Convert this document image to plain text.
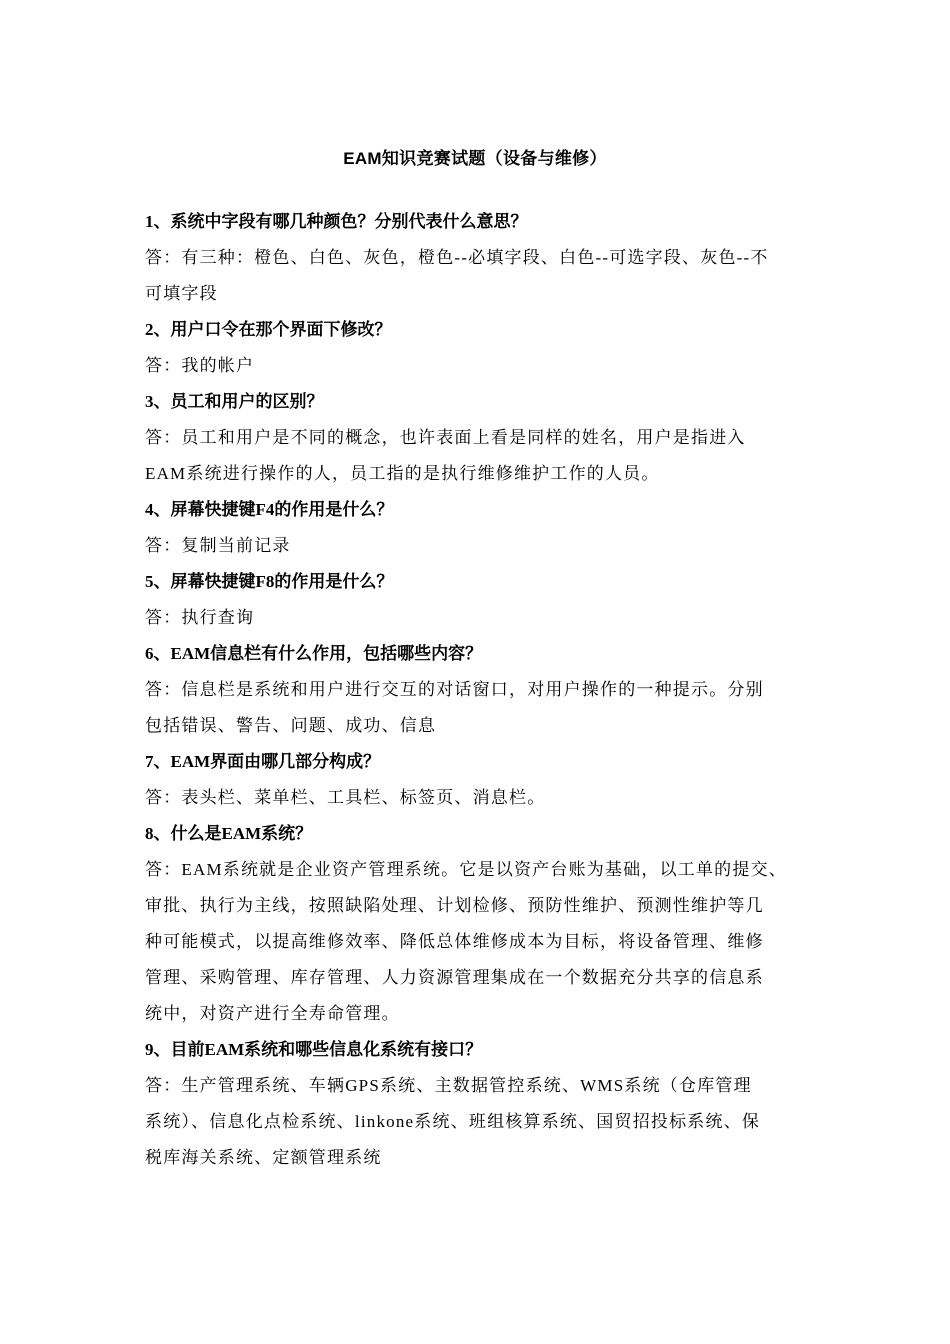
EAM知识竞赛试题（设备与维修）

1、系统中字段有哪几种颜色？分别代表什么意思？

答：有三种：橙色、白色、灰色，橙色--必填字段、白色--可选字段、灰色--不

可填字段

2、用户口令在那个界面下修改？

答：我的帐户

3、员工和用户的区别？

答：员工和用户是不同的概念，也许表面上看是同样的姓名，用户是指进入

EAM系统进行操作的人，员工指的是执行维修维护工作的人员。

4、屏幕快捷键F4的作用是什么？

答：复制当前记录

5、屏幕快捷键F8的作用是什么？

答：执行查询

6、EAM信息栏有什么作用，包括哪些内容？

答：信息栏是系统和用户进行交互的对话窗口，对用户操作的一种提示。分别

包括错误、警告、问题、成功、信息

7、EAM界面由哪几部分构成？

答：表头栏、菜单栏、工具栏、标签页、消息栏。

8、什么是EAM系统？

答：EAM系统就是企业资产管理系统。它是以资产台账为基础，以工单的提交、

审批、执行为主线，按照缺陷处理、计划检修、预防性维护、预测性维护等几

种可能模式，以提高维修效率、降低总体维修成本为目标，将设备管理、维修

管理、采购管理、库存管理、人力资源管理集成在一个数据充分共享的信息系

统中，对资产进行全寿命管理。

9、目前EAM系统和哪些信息化系统有接口？

答：生产管理系统、车辆GPS系统、主数据管控系统、WMS系统（仓库管理

系统）、信息化点检系统、linkone系统、班组核算系统、国贸招投标系统、保

税库海关系统、定额管理系统
